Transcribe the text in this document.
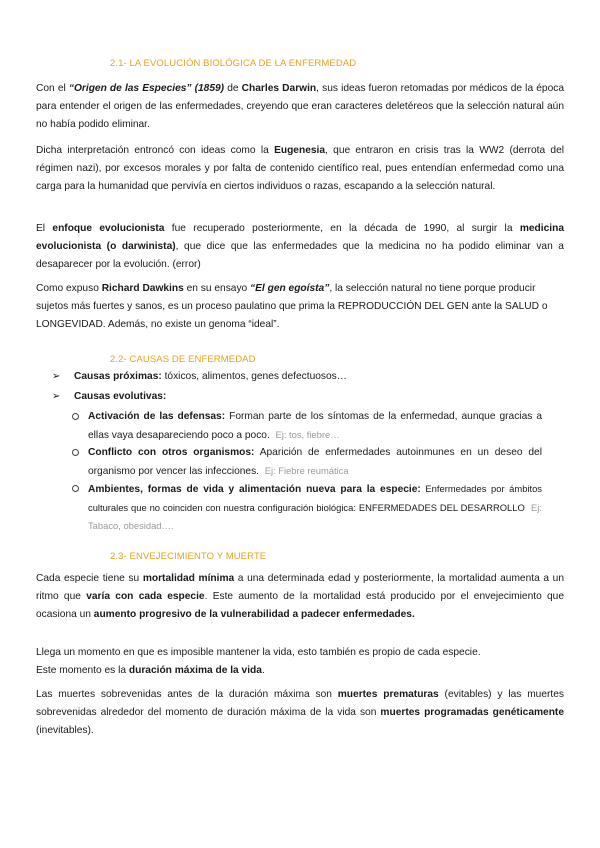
2.1- LA EVOLUCIÓN BIOLÓGICA DE LA ENFERMEDAD

Con el “Origen de las Especies” (1859) de Charles Darwin, sus ideas fueron retomadas por médicos de la época para entender el origen de las enfermedades, creyendo que eran caracteres deletéreos que la selección natural aún no había podido eliminar.

Dicha interpretación entroncó con ideas como la Eugenesia, que entraron en crisis tras la WW2 (derrota del régimen nazi), por excesos morales y por falta de contenido científico real, pues entendían enfermedad como una carga para la humanidad que pervivía en ciertos individuos o razas, escapando a la selección natural.

El enfoque evolucionista fue recuperado posteriormente, en la década de 1990, al surgir la medicina evolucionista (o darwinista), que dice que las enfermedades que la medicina no ha podido eliminar van a desaparecer por la evolución. (error)

Como expuso Richard Dawkins en su ensayo “El gen egoísta”, la selección natural no tiene porque producir sujetos más fuertes y sanos, es un proceso paulatino que prima la REPRODUCCIÓN DEL GEN ante la SALUD o LONGEVIDAD. Además, no existe un genoma “ideal”.

2.2- CAUSAS DE ENFERMEDAD
➢ Causas próximas: tóxicos, alimentos, genes defectuosos…
➢ Causas evolutivas:
Activación de las defensas: Forman parte de los síntomas de la enfermedad, aunque gracias a ellas vaya desapareciendo poco a poco. Ej: tos, fiebre…
Conflicto con otros organismos: Aparición de enfermedades autoinmunes en un deseo del organismo por vencer las infecciones. Ej: Fiebre reumática
Ambientes, formas de vida y alimentación nueva para la especie: Enfermedades por ámbitos culturales que no coinciden con nuestra configuración biológica: ENFERMEDADES DEL DESARROLLO Ej: Tabaco, obesidad….
2.3- ENVEJECIMIENTO Y MUERTE

Cada especie tiene su mortalidad mínima a una determinada edad y posteriormente, la mortalidad aumenta a un ritmo que varía con cada especie. Este aumento de la mortalidad está producido por el envejecimiento que ocasiona un aumento progresivo de la vulnerabilidad a padecer enfermedades.

Llega un momento en que es imposible mantener la vida, esto también es propio de cada especie.
Este momento es la duración máxima de la vida.

Las muertes sobrevenidas antes de la duración máxima son muertes prematuras (evitables) y las muertes sobrevenidas alrededor del momento de duración máxima de la vida son muertes programadas genéticamente (inevitables).
